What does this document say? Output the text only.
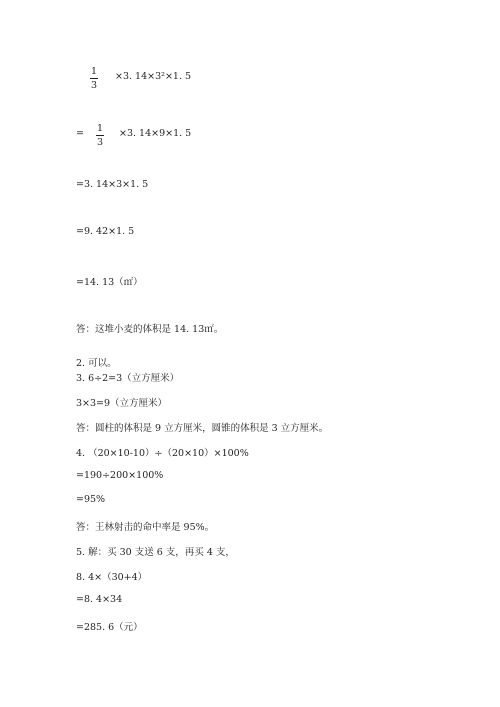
1
3
×3. 14×3²×1. 5
= 1
3
×3. 14×9×1. 5
=3. 14×3×1. 5
=9. 42×1. 5
=14. 13（㎡）
答：这堆小麦的体积是 14. 13㎡。
2. 可以。
3. 6÷2=3（立方厘米）
3×3=9（立方厘米）
答：圆柱的体积是 9 立方厘米，圆锥的体积是 3 立方厘米。
4. （20×10-10）÷（20×10）×100%
=190÷200×100%
=95%
答：王林射击的命中率是 95%。
5. 解：买 30 支送 6 支，再买 4 支，
8. 4×（30+4）
=8. 4×34
=285. 6（元）
